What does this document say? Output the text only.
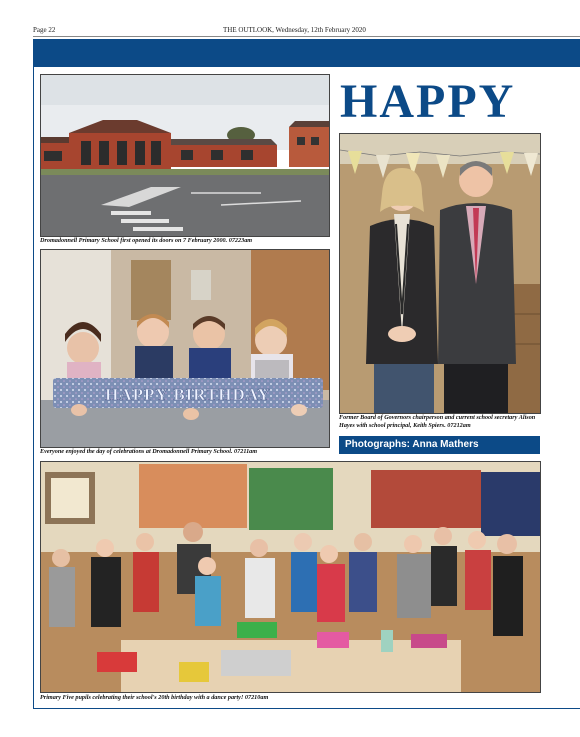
Page 22	THE OUTLOOK, Wednesday, 12th February 2020
HAPPY
Dromadonnell Primary School first opened its doors on 7 February 2000. 07223am
HAPPY BIRTHDAY
Everyone enjoyed the day of celebrations at Dromadonnell Primary School. 07211am
Former Board of Governors chairperson and current school secretary Alison Hayes with school principal, Keith Spiers. 07212am
Photographs: Anna Mathers
Primary Five pupils celebrating their school's 20th birthday with a dance party! 07210am
